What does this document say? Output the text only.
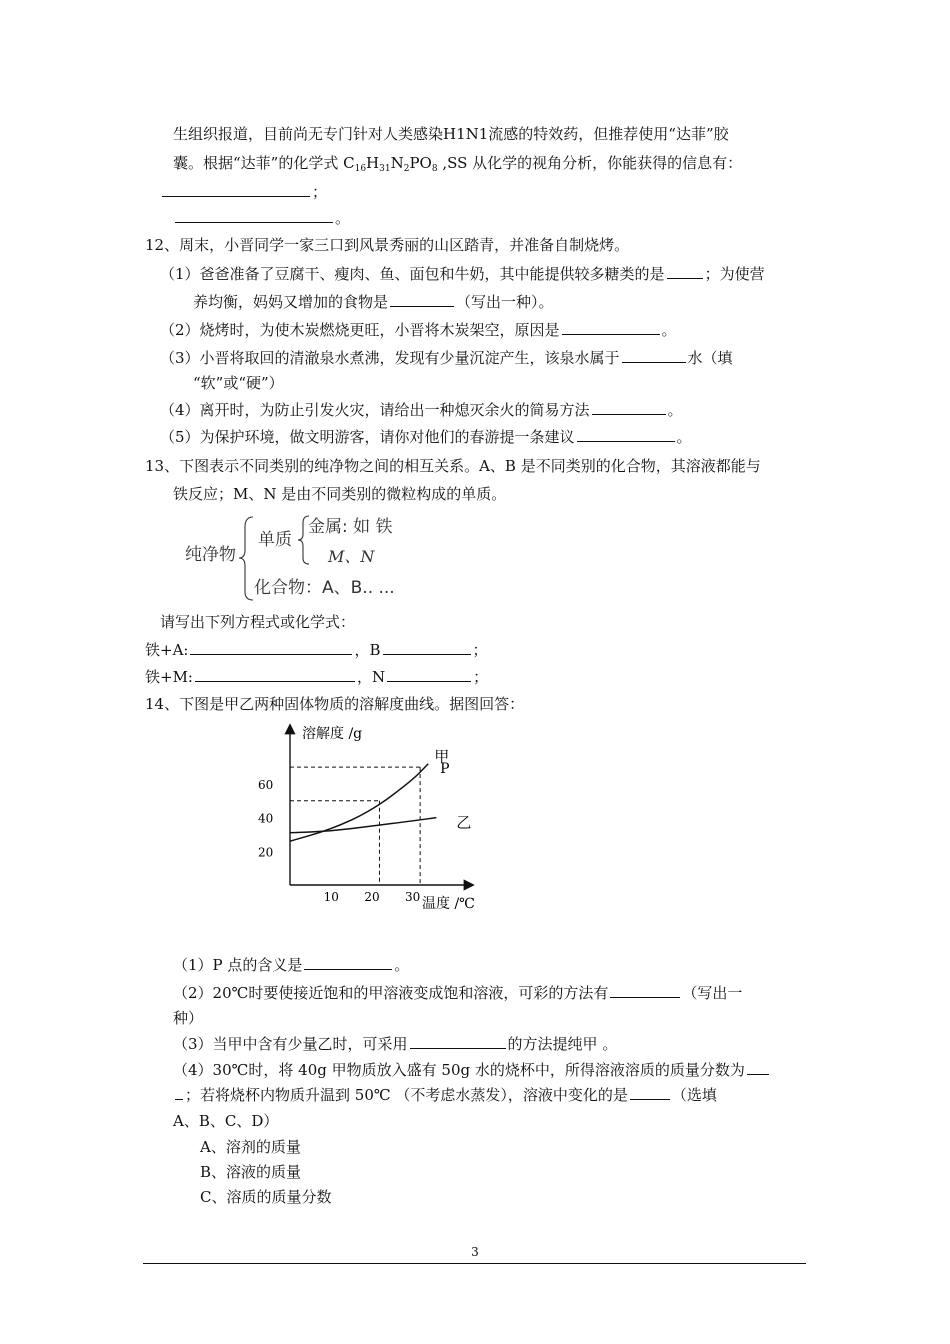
生组织报道，目前尚无专门针对人类感染H1N1流感的特效药，但推荐使用“达菲”胶
囊。根据“达菲”的化学式 $C_{16}H_{31}N_2PO_8$ ,SS 从化学的视角分析，你能获得的信息有：
；
。
12、周末，小晋同学一家三口到风景秀丽的山区踏青，并准备自制烧烤。
（1）爸爸准备了豆腐干、瘦肉、鱼、面包和牛奶，其中能提供较多糖类的是	；为使营
养均衡，妈妈又增加的食物是	（写出一种）。
（2）烧烤时，为使木炭燃烧更旺，小晋将木炭架空，原因是	。
（3）小晋将取回的清澈泉水煮沸，发现有少量沉淀产生，该泉水属于	水（填
“软”或“硬”）
（4）离开时，为防止引发火灾，请给出一种熄灭余火的简易方法	。
（5）为保护环境，做文明游客，请你对他们的春游提一条建议	。
13、下图表示不同类别的纯净物之间的相互关系。A、B 是不同类别的化合物，其溶液都能与
铁反应；M、N 是由不同类别的微粒构成的单质。
纯净物
单质
金属: 如 铁
M、N
化合物：A、B.. ...
请写出下列方程式或化学式：
铁+A:	，B	；
铁+M:	，N	；
14、下图是甲乙两种固体物质的溶解度曲线。据图回答：
溶解度 /g
温度 /℃
20
40
60
10 20 30
甲
乙
P
（1）P 点的含义是	。
（2）20℃时要使接近饱和的甲溶液变成饱和溶液，可彩的方法有	（写出一
种）
（3）当甲中含有少量乙时，可采用	的方法提纯甲 。
（4）30℃时，将 40g 甲物质放入盛有 50g 水的烧杯中，所得溶液溶质的质量分数为
；若将烧杯内物质升温到 50℃ （不考虑水蒸发），溶液中变化的是	（选填
A、B、C、D）
A、溶剂的质量
B、溶液的质量
C、溶质的质量分数
3
